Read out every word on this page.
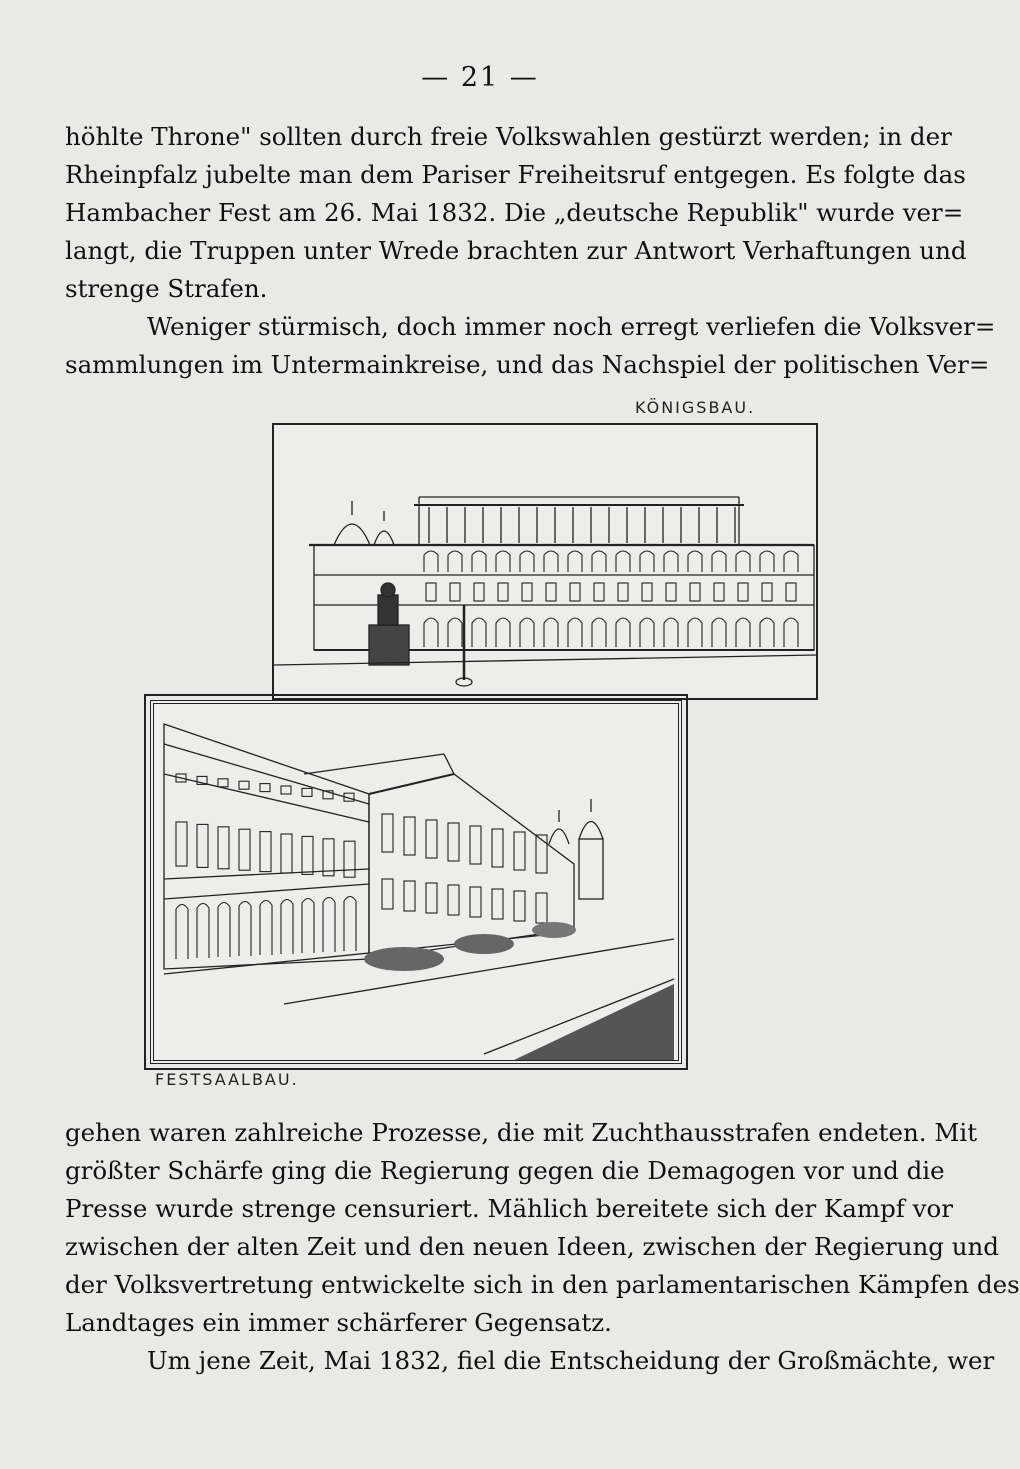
— 21 —
höhlte Throne" sollten durch freie Volkswahlen gestürzt werden; in der
Rheinpfalz jubelte man dem Pariser Freiheitsruf entgegen. Es folgte das
Hambacher Fest am 26. Mai 1832. Die „deutsche Republik" wurde ver=
langt, die Truppen unter Wrede brachten zur Antwort Verhaftungen und
strenge Strafen.
Weniger stürmisch, doch immer noch erregt verliefen die Volksver=
sammlungen im Untermainkreise, und das Nachspiel der politischen Ver=
KÖNIGSBAU.
FESTSAALBAU.
gehen waren zahlreiche Prozesse, die mit Zuchthausstrafen endeten. Mit
größter Schärfe ging die Regierung gegen die Demagogen vor und die
Presse wurde strenge censuriert. Mählich bereitete sich der Kampf vor
zwischen der alten Zeit und den neuen Ideen, zwischen der Regierung und
der Volksvertretung entwickelte sich in den parlamentarischen Kämpfen des
Landtages ein immer schärferer Gegensatz.
Um jene Zeit, Mai 1832, fiel die Entscheidung der Großmächte, wer
